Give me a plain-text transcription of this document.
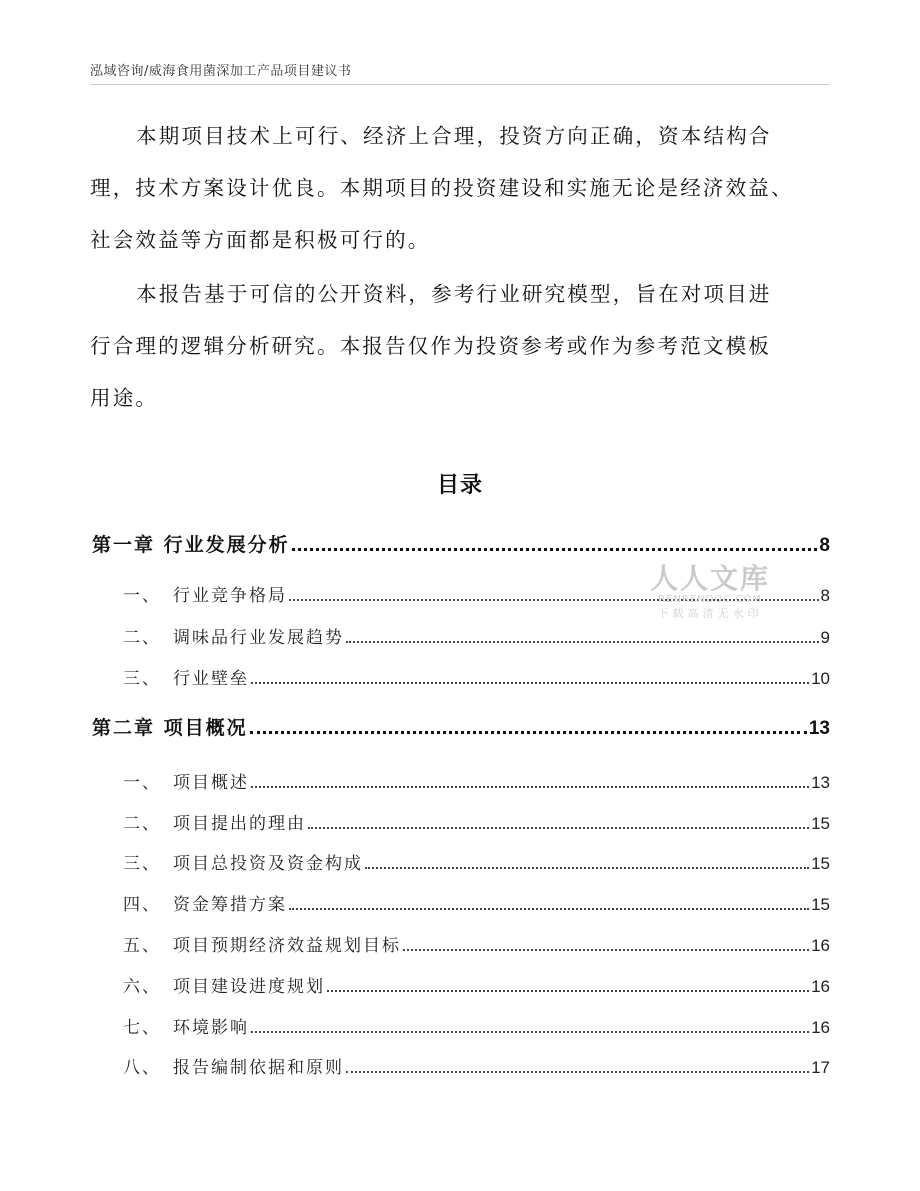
泓域咨询/威海食用菌深加工产品项目建议书

本期项目技术上可行、经济上合理，投资方向正确，资本结构合
理，技术方案设计优良。本期项目的投资建设和实施无论是经济效益、
社会效益等方面都是积极可行的。

本报告基于可信的公开资料，参考行业研究模型，旨在对项目进
行合理的逻辑分析研究。本报告仅作为投资参考或作为参考范文模板
用途。

目录
第一章 行业发展分析	8
一、 行业竞争格局	8
二、 调味品行业发展趋势	9
三、 行业壁垒	10
第二章 项目概况	13
一、 项目概述	13
二、 项目提出的理由	15
三、 项目总投资及资金构成	15
四、 资金筹措方案	15
五、 项目预期经济效益规划目标	16
六、 项目建设进度规划	16
七、 环境影响	16
八、 报告编制依据和原则	17
人人文库
RENRENDOC.COM
下载高清无水印
